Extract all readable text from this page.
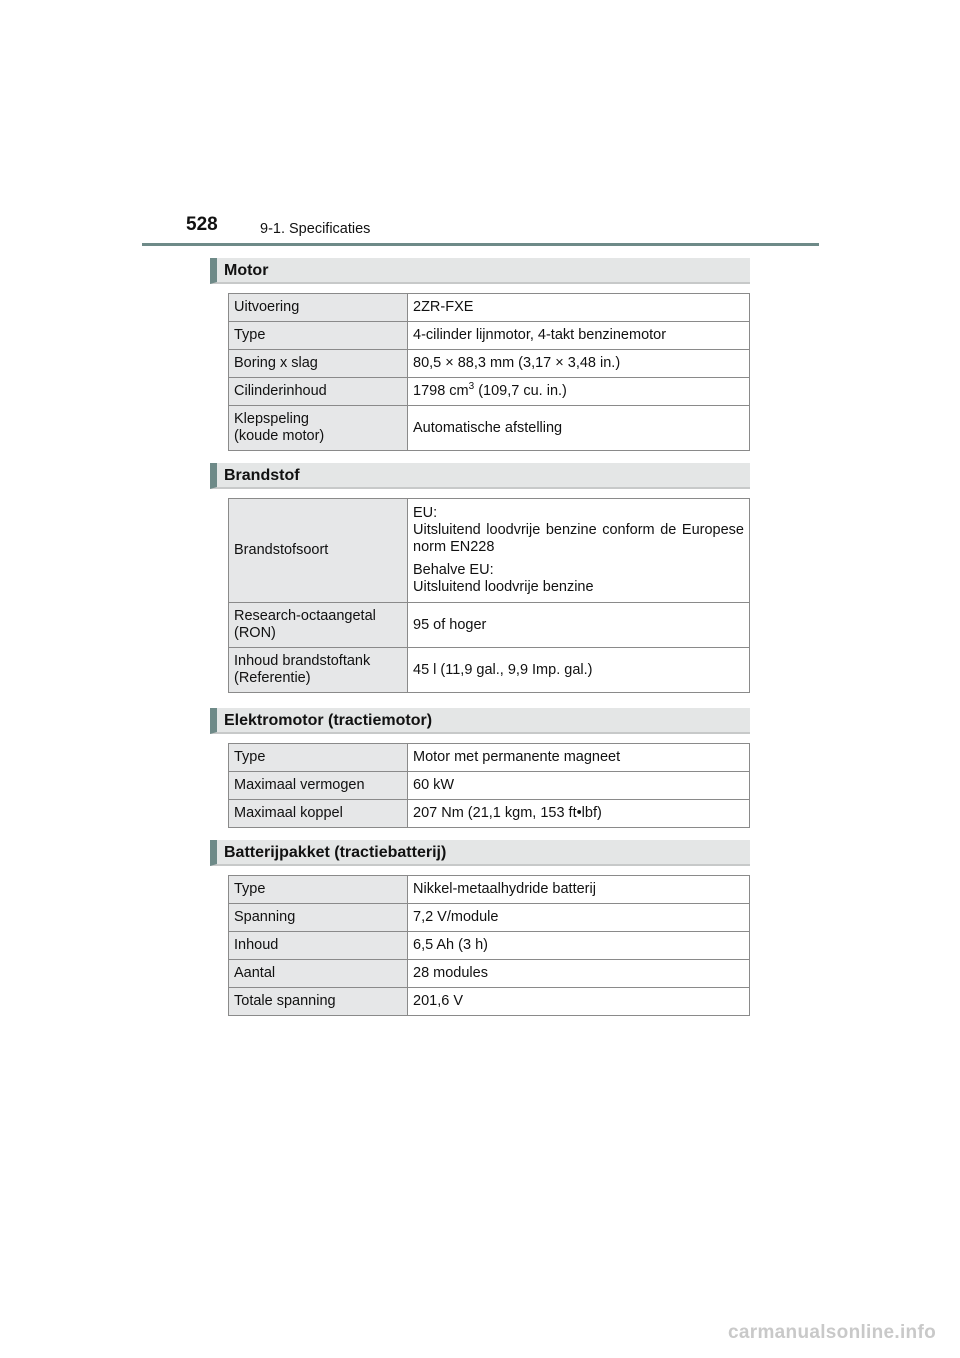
528	9-1. Specificaties
Motor
Uitvoering	2ZR-FXE
Type	4-cilinder lijnmotor, 4-takt benzinemotor
Boring x slag	80,5 × 88,3 mm (3,17 × 3,48 in.)
Cilinderinhoud	1798 $cm^3$ (109,7 cu. in.)
Klepspeling
(koude motor)	Automatische afstelling
Brandstof
Brandstofsoort	EU:
Uitsluitend loodvrije benzine conform de Europese norm EN228

Behalve EU:
Uitsluitend loodvrije benzine

Research-octaangetal
(RON)	95 of hoger
Inhoud brandstoftank
(Referentie)	45 l (11,9 gal., 9,9 Imp. gal.)
Elektromotor (tractiemotor)
Type	Motor met permanente magneet
Maximaal vermogen	60 kW
Maximaal koppel	207 Nm (21,1 kgm, 153 ft•lbf)
Batterijpakket (tractiebatterij)
Type	Nikkel-metaalhydride batterij
Spanning	7,2 V/module
Inhoud	6,5 Ah (3 h)
Aantal	28 modules
Totale spanning	201,6 V
carmanualsonline.info
